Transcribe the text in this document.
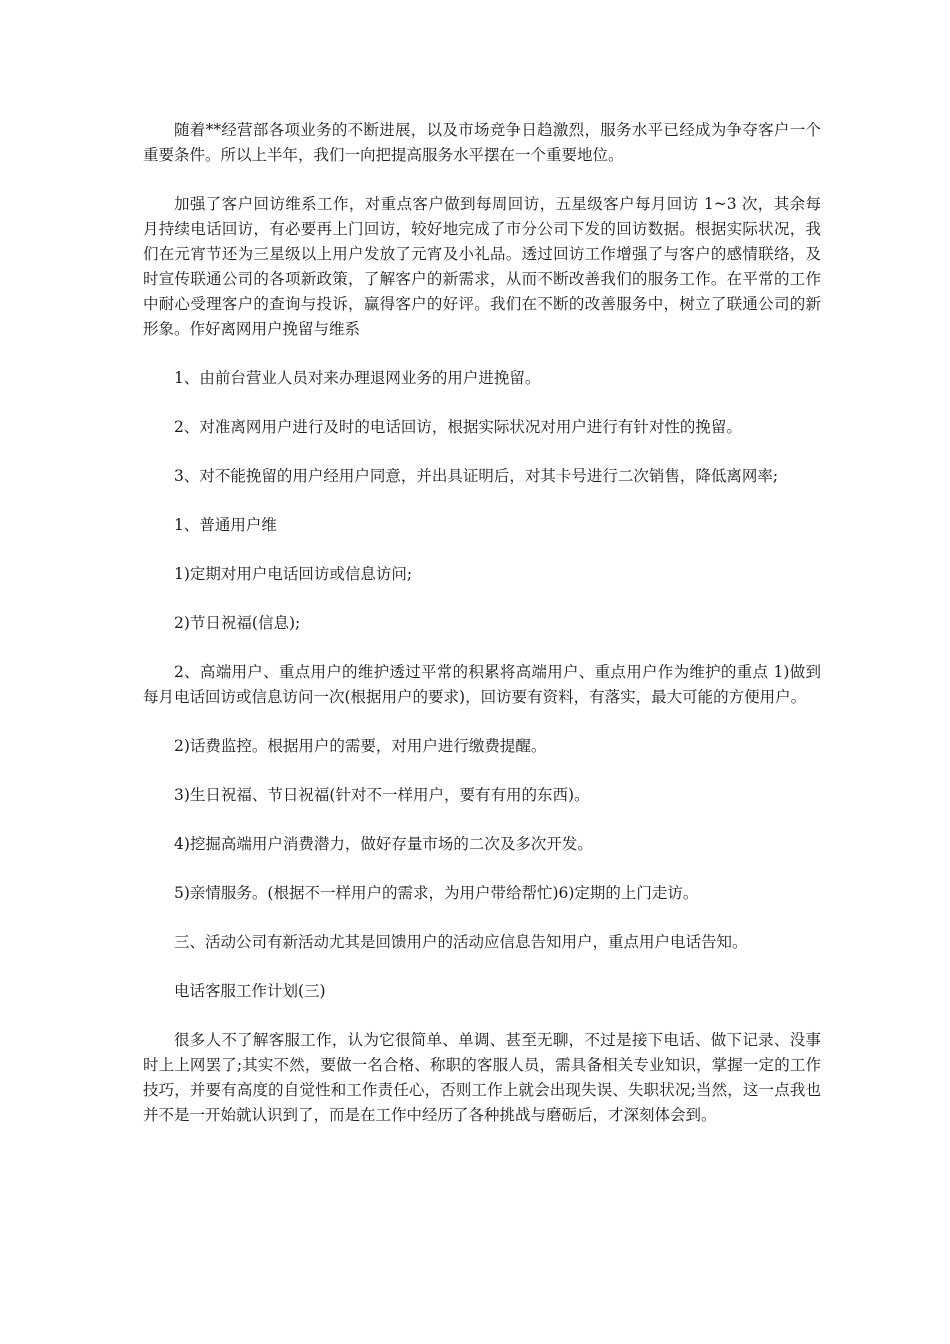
随着**经营部各项业务的不断进展，以及市场竞争日趋激烈，服务水平已经成为争夺客户一个重要条件。所以上半年，我们一向把提高服务水平摆在一个重要地位。

加强了客户回访维系工作，对重点客户做到每周回访，五星级客户每月回访 1~3 次，其余每月持续电话回访，有必要再上门回访，较好地完成了市分公司下发的回访数据。根据实际状况，我们在元宵节还为三星级以上用户发放了元宵及小礼品。透过回访工作增强了与客户的感情联络，及时宣传联通公司的各项新政策，了解客户的新需求，从而不断改善我们的服务工作。在平常的工作中耐心受理客户的查询与投诉，赢得客户的好评。我们在不断的改善服务中，树立了联通公司的新形象。作好离网用户挽留与维系

1、由前台营业人员对来办理退网业务的用户进挽留。

2、对准离网用户进行及时的电话回访，根据实际状况对用户进行有针对性的挽留。

3、对不能挽留的用户经用户同意，并出具证明后，对其卡号进行二次销售，降低离网率;

1、普通用户维

1)定期对用户电话回访或信息访问;

2)节日祝福(信息);

2、高端用户、重点用户的维护透过平常的积累将高端用户、重点用户作为维护的重点 1)做到每月电话回访或信息访问一次(根据用户的要求)，回访要有资料，有落实，最大可能的方便用户。

2)话费监控。根据用户的需要，对用户进行缴费提醒。

3)生日祝福、节日祝福(针对不一样用户，要有有用的东西)。

4)挖掘高端用户消费潜力，做好存量市场的二次及多次开发。

5)亲情服务。(根据不一样用户的需求，为用户带给帮忙)6)定期的上门走访。

三、活动公司有新活动尤其是回馈用户的活动应信息告知用户，重点用户电话告知。

电话客服工作计划(三)

很多人不了解客服工作，认为它很简单、单调、甚至无聊，不过是接下电话、做下记录、没事时上上网罢了;其实不然，要做一名合格、称职的客服人员，需具备相关专业知识，掌握一定的工作技巧，并要有高度的自觉性和工作责任心，否则工作上就会出现失误、失职状况;当然，这一点我也并不是一开始就认识到了，而是在工作中经历了各种挑战与磨砺后，才深刻体会到。
